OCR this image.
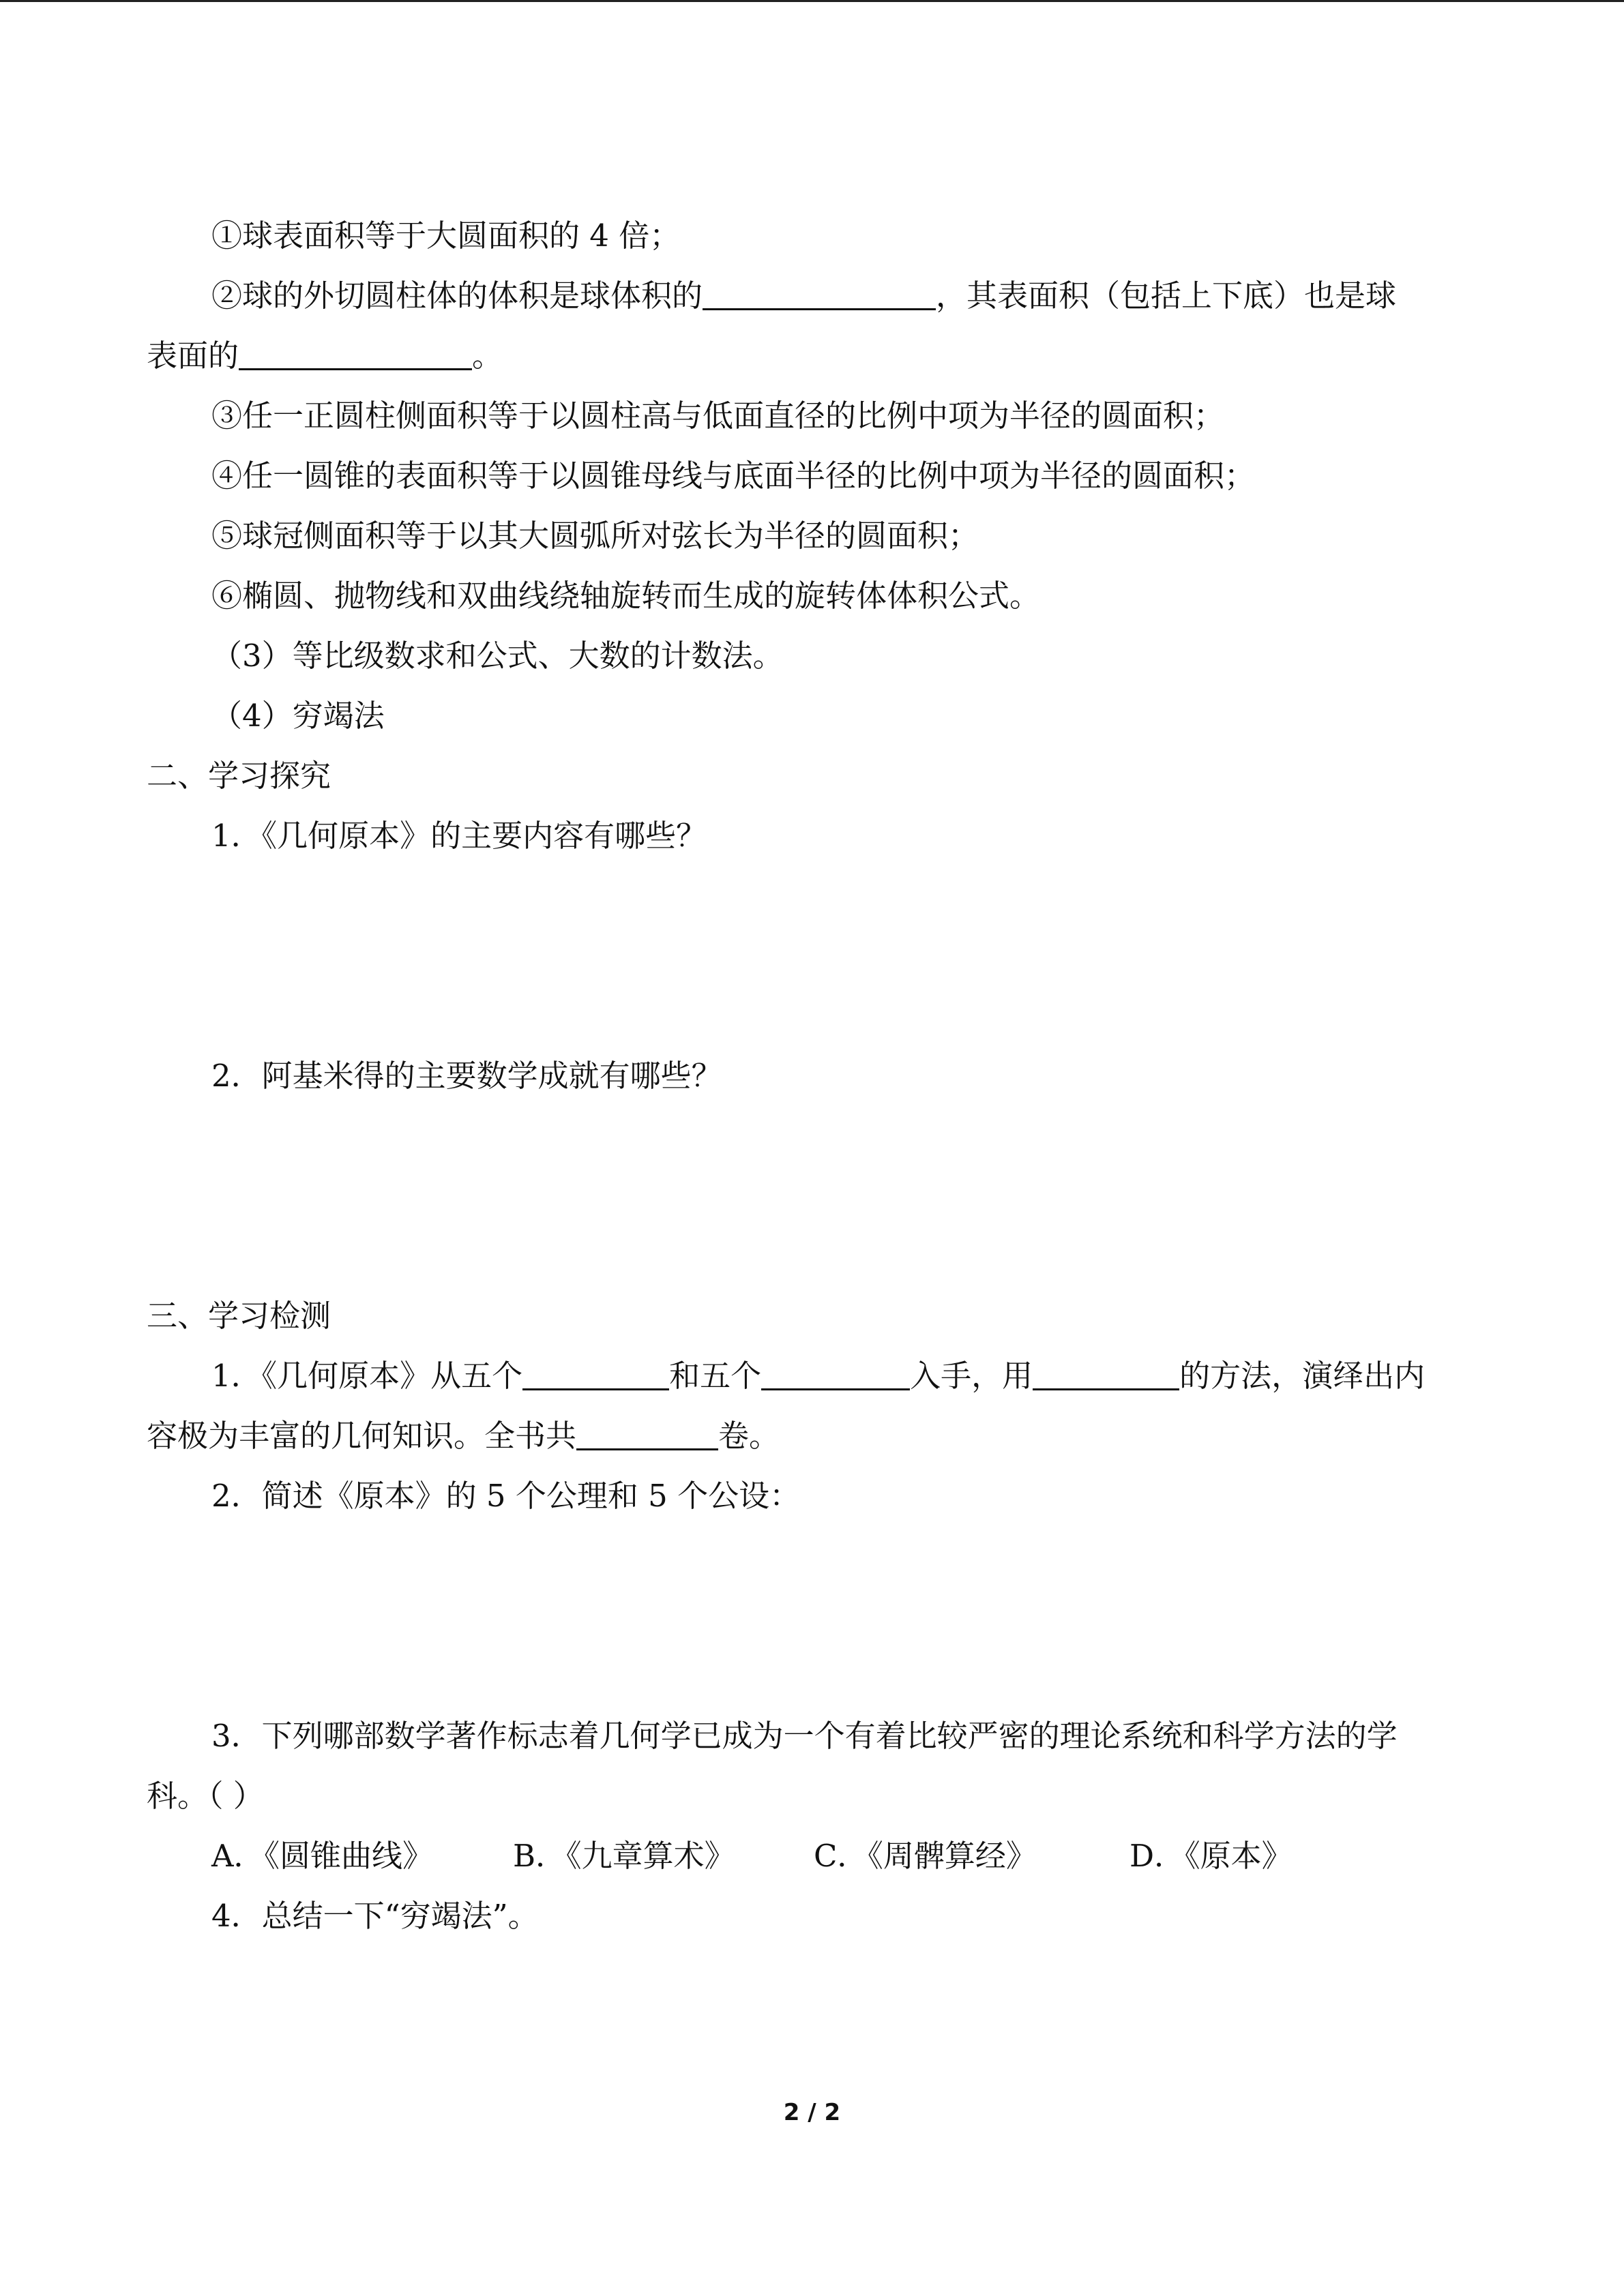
①球表面积等于大圆面积的 4 倍；
②球的外切圆柱体的体积是球体积的	，其表面积（包括上下底）也是球
表面的	。
③任一正圆柱侧面积等于以圆柱高与低面直径的比例中项为半径的圆面积；
④任一圆锥的表面积等于以圆锥母线与底面半径的比例中项为半径的圆面积；
⑤球冠侧面积等于以其大圆弧所对弦长为半径的圆面积；
⑥椭圆、抛物线和双曲线绕轴旋转而生成的旋转体体积公式。
（3）等比级数求和公式、大数的计数法。
（4）穷竭法
二、学习探究
1．《几何原本》的主要内容有哪些？
2．阿基米得的主要数学成就有哪些？
三、学习检测
1．《几何原本》从五个	和五个	入手，用	的方法，演绎出内
容极为丰富的几何知识。全书共	卷。
2．简述《原本》的 5 个公理和 5 个公设：
3．下列哪部数学著作标志着几何学已成为一个有着比较严密的理论系统和科学方法的学
科。（ ）
A．《圆锥曲线》	B．《九章算术》	C．《周髀算经》	D．《原本》
4．总结一下“穷竭法”。
2 / 2
